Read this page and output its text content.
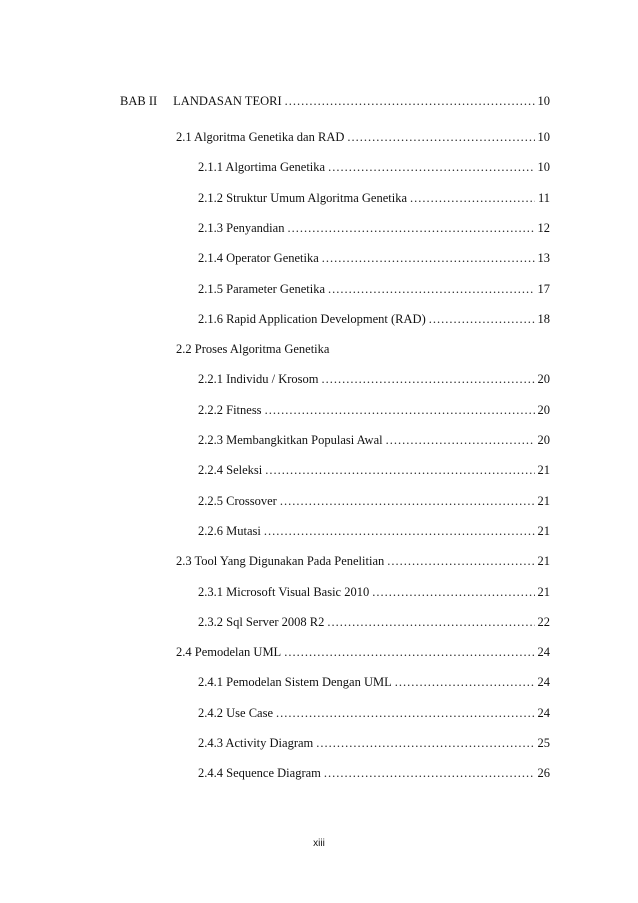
BAB II LANDASAN TEORI .....	10
2.1 Algoritma Genetika dan RAD .....	10
2.1.1 Algortima Genetika .....	10
2.1.2 Struktur Umum Algoritma Genetika .....	11
2.1.3 Penyandian .....	12
2.1.4 Operator Genetika .....	13
2.1.5 Parameter Genetika .....	17
2.1.6 Rapid Application Development (RAD) .....	18
2.2 Proses Algoritma Genetika
2.2.1 Individu / Krosom .....	20
2.2.2 Fitness .....	20
2.2.3 Membangkitkan Populasi Awal .....	20
2.2.4 Seleksi .....	21
2.2.5 Crossover .....	21
2.2.6 Mutasi .....	21
2.3 Tool Yang Digunakan Pada Penelitian .....	21
2.3.1 Microsoft Visual Basic 2010 .....	21
2.3.2 Sql Server 2008 R2 .....	22
2.4 Pemodelan UML .....	24
2.4.1 Pemodelan Sistem Dengan UML .....	24
2.4.2 Use Case .....	24
2.4.3 Activity Diagram .....	25
2.4.4 Sequence Diagram .....	26
xiii
